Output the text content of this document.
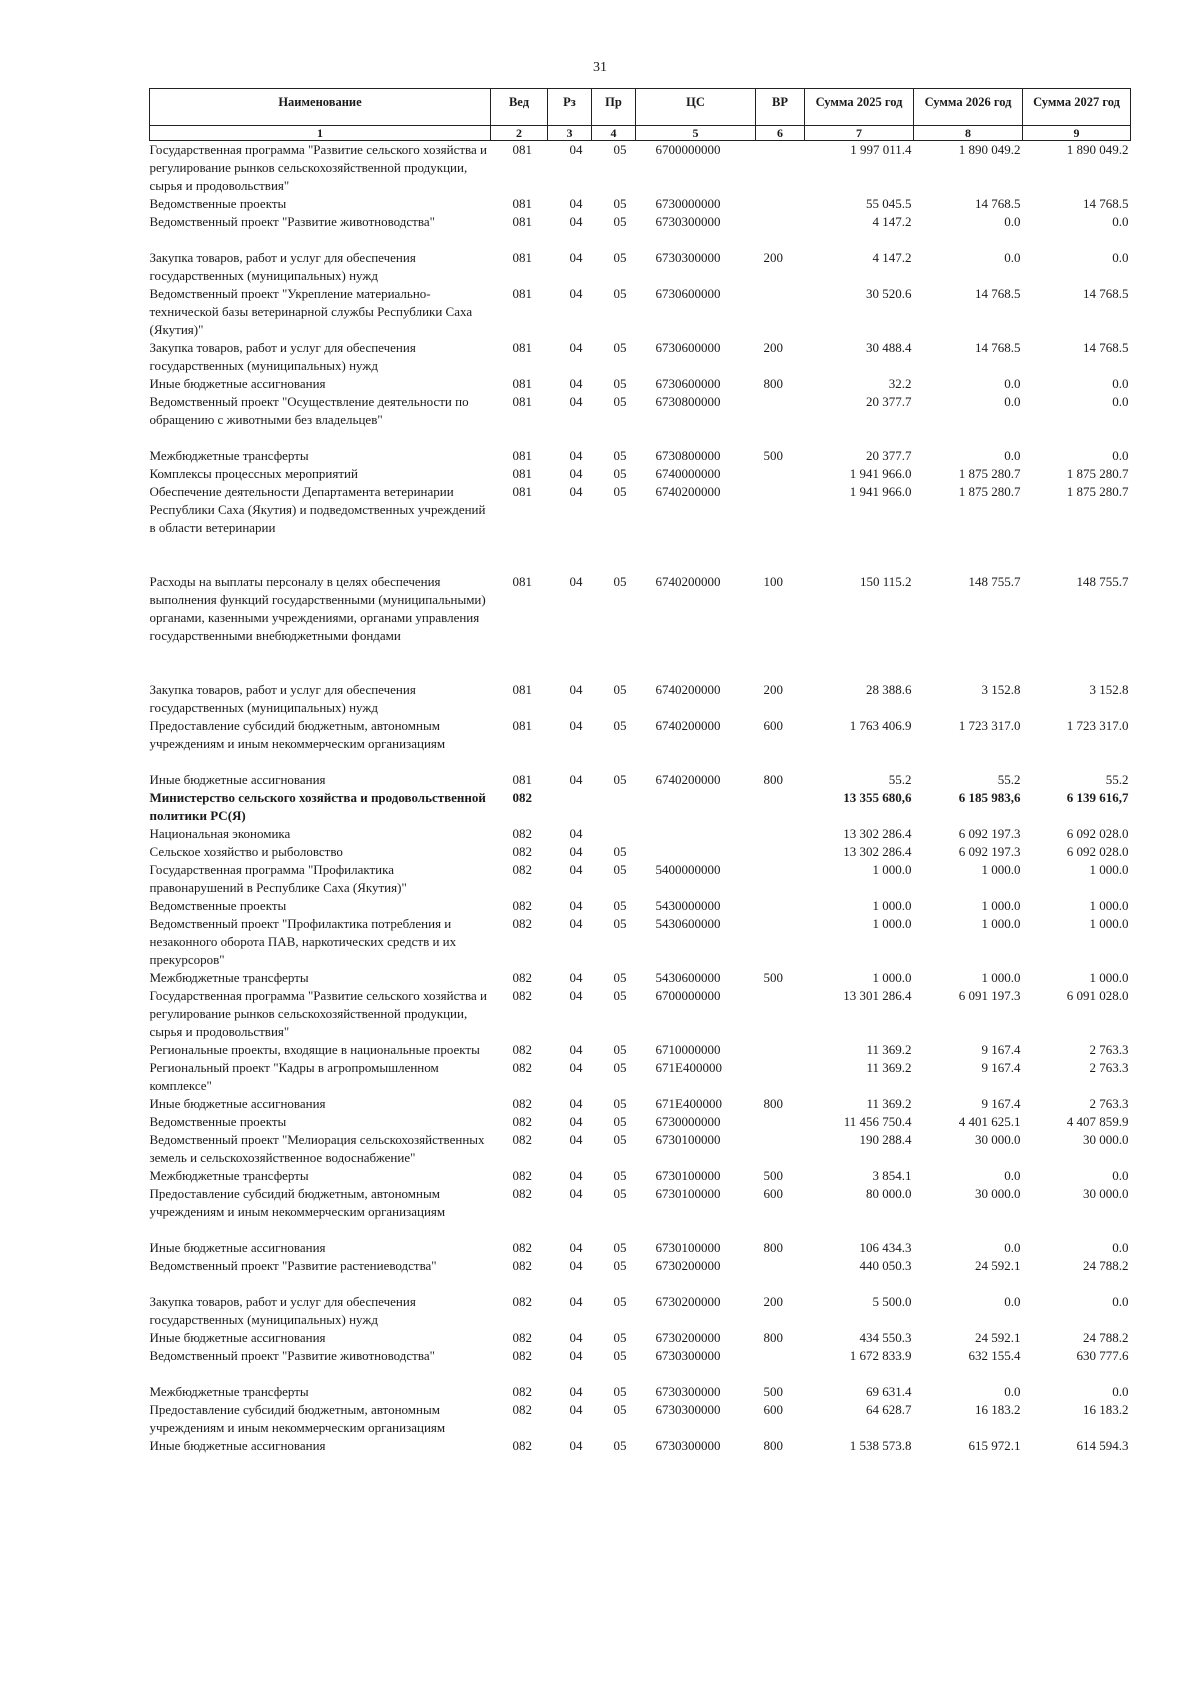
31
Наименование	Вед	Рз	Пр	ЦС	ВР	Сумма 2025 год	Сумма 2026 год	Сумма 2027 год
1	2	3	4	5	6	7	8	9
Государственная программа "Развитие сельского хозяйства и регулирование рынков сельскохозяйственной продукции, сырья и продовольствия"	081	04	05	6700000000		1 997 011.4	1 890 049.2	1 890 049.2
Ведомственные проекты	081	04	05	6730000000		55 045.5	14 768.5	14 768.5
Ведомственный проект "Развитие животноводства"	081	04	05	6730300000		4 147.2	0.0	0.0
Закупка товаров, работ и услуг для обеспечения государственных (муниципальных) нужд	081	04	05	6730300000	200	4 147.2	0.0	0.0
Ведомственный проект "Укрепление материально-технической базы ветеринарной службы Республики Саха (Якутия)"	081	04	05	6730600000		30 520.6	14 768.5	14 768.5
Закупка товаров, работ и услуг для обеспечения государственных (муниципальных) нужд	081	04	05	6730600000	200	30 488.4	14 768.5	14 768.5
Иные бюджетные ассигнования	081	04	05	6730600000	800	32.2	0.0	0.0
Ведомственный проект "Осуществление деятельности по обращению с животными без владельцев"	081	04	05	6730800000		20 377.7	0.0	0.0
Межбюджетные трансферты	081	04	05	6730800000	500	20 377.7	0.0	0.0
Комплексы процессных мероприятий	081	04	05	6740000000		1 941 966.0	1 875 280.7	1 875 280.7
Обеспечение деятельности Департамента ветеринарии Республики Саха (Якутия) и подведомственных учреждений в области ветеринарии	081	04	05	6740200000		1 941 966.0	1 875 280.7	1 875 280.7
Расходы на выплаты персоналу в целях обеспечения выполнения функций государственными (муниципальными) органами, казенными учреждениями, органами управления государственными внебюджетными фондами	081	04	05	6740200000	100	150 115.2	148 755.7	148 755.7
Закупка товаров, работ и услуг для обеспечения государственных (муниципальных) нужд	081	04	05	6740200000	200	28 388.6	3 152.8	3 152.8
Предоставление субсидий бюджетным, автономным учреждениям и иным некоммерческим организациям	081	04	05	6740200000	600	1 763 406.9	1 723 317.0	1 723 317.0
Иные бюджетные ассигнования	081	04	05	6740200000	800	55.2	55.2	55.2
Министерство сельского хозяйства и продовольственной политики РС(Я)	082					13 355 680,6	6 185 983,6	6 139 616,7
Национальная экономика	082	04				13 302 286.4	6 092 197.3	6 092 028.0
Сельское хозяйство и рыболовство	082	04	05			13 302 286.4	6 092 197.3	6 092 028.0
Государственная программа "Профилактика правонарушений в Республике Саха (Якутия)"	082	04	05	5400000000		1 000.0	1 000.0	1 000.0
Ведомственные проекты	082	04	05	5430000000		1 000.0	1 000.0	1 000.0
Ведомственный проект "Профилактика потребления и незаконного оборота ПАВ, наркотических средств и их прекурсоров"	082	04	05	5430600000		1 000.0	1 000.0	1 000.0
Межбюджетные трансферты	082	04	05	5430600000	500	1 000.0	1 000.0	1 000.0
Государственная программа "Развитие сельского хозяйства и регулирование рынков сельскохозяйственной продукции, сырья и продовольствия"	082	04	05	6700000000		13 301 286.4	6 091 197.3	6 091 028.0
Региональные проекты, входящие в национальные проекты	082	04	05	6710000000		11 369.2	9 167.4	2 763.3
Региональный проект "Кадры в агропромышленном комплексе"	082	04	05	671E400000		11 369.2	9 167.4	2 763.3
Иные бюджетные ассигнования	082	04	05	671E400000	800	11 369.2	9 167.4	2 763.3
Ведомственные проекты	082	04	05	6730000000		11 456 750.4	4 401 625.1	4 407 859.9
Ведомственный проект "Мелиорация сельскохозяйственных земель и сельскохозяйственное водоснабжение"	082	04	05	6730100000		190 288.4	30 000.0	30 000.0
Межбюджетные трансферты	082	04	05	6730100000	500	3 854.1	0.0	0.0
Предоставление субсидий бюджетным, автономным учреждениям и иным некоммерческим организациям	082	04	05	6730100000	600	80 000.0	30 000.0	30 000.0
Иные бюджетные ассигнования	082	04	05	6730100000	800	106 434.3	0.0	0.0
Ведомственный проект "Развитие растениеводства"	082	04	05	6730200000		440 050.3	24 592.1	24 788.2
Закупка товаров, работ и услуг для обеспечения государственных (муниципальных) нужд	082	04	05	6730200000	200	5 500.0	0.0	0.0
Иные бюджетные ассигнования	082	04	05	6730200000	800	434 550.3	24 592.1	24 788.2
Ведомственный проект "Развитие животноводства"	082	04	05	6730300000		1 672 833.9	632 155.4	630 777.6
Межбюджетные трансферты	082	04	05	6730300000	500	69 631.4	0.0	0.0
Предоставление субсидий бюджетным, автономным учреждениям и иным некоммерческим организациям	082	04	05	6730300000	600	64 628.7	16 183.2	16 183.2
Иные бюджетные ассигнования	082	04	05	6730300000	800	1 538 573.8	615 972.1	614 594.3
